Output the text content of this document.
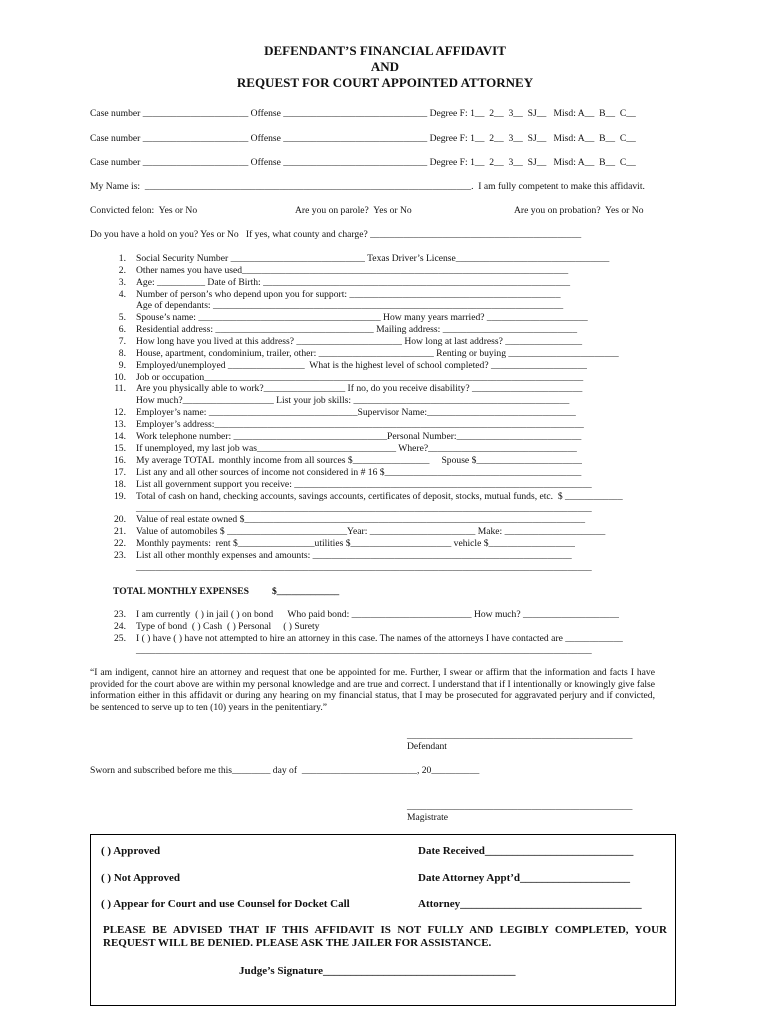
DEFENDANT’S FINANCIAL AFFIDAVIT
AND
REQUEST FOR COURT APPOINTED ATTORNEY
Case number ______________________ Offense ______________________________ Degree F: 1__  2__  3__  SJ__   Misd: A__  B__  C__
Case number ______________________ Offense ______________________________ Degree F: 1__  2__  3__  SJ__   Misd: A__  B__  C__
Case number ______________________ Offense ______________________________ Degree F: 1__  2__  3__  SJ__   Misd: A__  B__  C__
My Name is:  ____________________________________________________________________.  I am fully competent to make this affidavit.
Convicted felon:  Yes or No	Are you on parole?  Yes or No	Are you on probation?  Yes or No
Do you have a hold on you? Yes or No   If yes, what county and charge? ____________________________________________
1. Social Security Number ____________________________ Texas Driver’s License________________________________
2. Other names you have used____________________________________________________________________
3. Age: __________ Date of Birth: ________________________________________________________________
4. Number of person’s who depend upon you for support: ____________________________________________
Age of dependants: _________________________________________________________________________
5. Spouse’s name: ______________________________________ How many years married? _____________________
6. Residential address: _________________________________ Mailing address: ____________________________
7. How long have you lived at this address? ______________________ How long at last address? ________________
8. House, apartment, condominium, trailer, other: ________________________ Renting or buying _______________________
9. Employed/unemployed ________________  What is the highest level of school completed? ____________________
10. Job or occupation_______________________________________________________________________________
11. Are you physically able to work?_________________ If no, do you receive disability? _______________________
How much?___________________ List your job skills: _____________________________________________
12. Employer’s name: _______________________________Supervisor Name:_______________________________
13. Employer’s address:_____________________________________________________________________________
14. Work telephone number: ________________________________Personal Number:__________________________
15. If unemployed, my last job was_____________________________ Where?_______________________________
16. My average TOTAL  monthly income from all sources $________________     Spouse $______________________
17. List any and all other sources of income not considered in # 16 $_________________________________________
18. List all government support you receive: ______________________________________________________________
19. Total of cash on hand, checking accounts, savings accounts, certificates of deposit, stocks, mutual funds, etc.  $ ____________
_______________________________________________________________________________________________
20. Value of real estate owned $_______________________________________________________________________
21. Value of automobiles $ _________________________Year: ______________________ Make: _____________________
22. Monthly payments:  rent $________________utilities $_____________________ vehicle $__________________
23. List all other monthly expenses and amounts: ______________________________________________________
_______________________________________________________________________________________________
TOTAL MONTHLY EXPENSES $_____________
23. I am currently  ( ) in jail ( ) on bond      Who paid bond: _________________________ How much? ____________________
24. Type of bond  ( ) Cash  ( ) Personal     ( ) Surety
25. I ( ) have ( ) have not attempted to hire an attorney in this case. The names of the attorneys I have contacted are ____________
_______________________________________________________________________________________________
“I am indigent, cannot hire an attorney and request that one be appointed for me. Further, I swear or affirm that the information and facts I have provided for the court above are within my personal knowledge and are true and correct. I understand that if I intentionally or knowingly give false information either in this affidavit or during any hearing on my financial status, that I may be prosecuted for aggravated perjury and if convicted, be sentenced to serve up to ten (10) years in the penitentiary.”
_______________________________________________
Defendant
Sworn and subscribed before me this________ day of  ________________________, 20__________
_______________________________________________
Magistrate
( ) Approved	Date Received___________________________
( ) Not Approved	Date Attorney Appt’d____________________
( ) Appear for Court and use Counsel for Docket Call	Attorney_________________________________
PLEASE BE ADVISED THAT IF THIS AFFIDAVIT IS NOT FULLY AND LEGIBLY COMPLETED, YOUR REQUEST WILL BE DENIED. PLEASE ASK THE JAILER FOR ASSISTANCE.
Judge’s Signature___________________________________
